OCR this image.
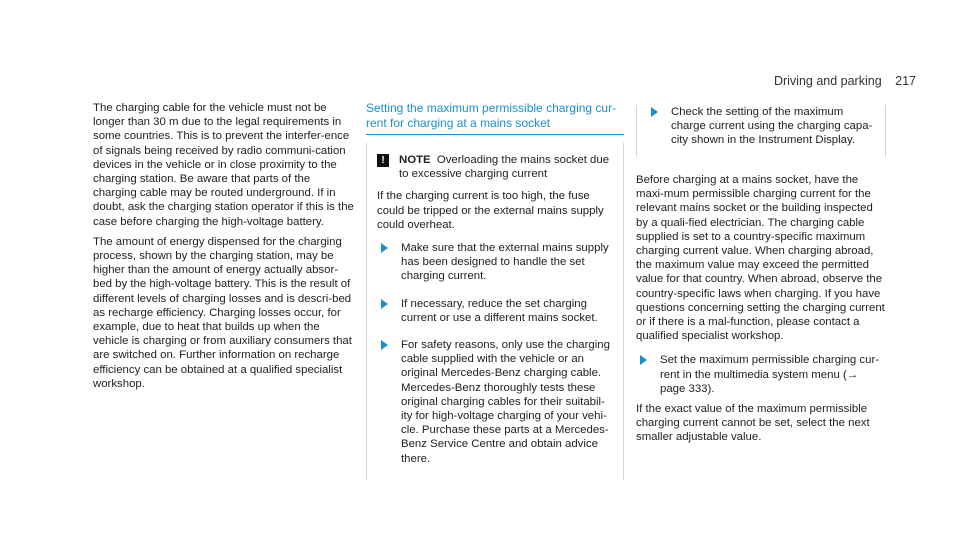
Driving and parking 217

The charging cable for the vehicle must not be longer than 30 m due to the legal requirements in some countries. This is to prevent the interfer-ence of signals being received by radio communi-cation devices in the vehicle or in close proximity to the charging station. Be aware that parts of the charging cable may be routed underground. If in doubt, ask the charging station operator if this is the case before charging the high-voltage battery.

The amount of energy dispensed for the charging process, shown by the charging station, may be higher than the amount of energy actually absor-bed by the high-voltage battery. This is the result of different levels of charging losses and is descri-bed as recharge efficiency. Charging losses occur, for example, due to heat that builds up when the vehicle is charging or from auxiliary consumers that are switched on. Further information on recharge efficiency can be obtained at a qualified specialist workshop.

Setting the maximum permissible charging cur-
rent for charging at a mains socket
!	NOTE Overloading the mains socket due to excessive charging current

If the charging current is too high, the fuse could be tripped or the external mains supply could overheat.

Make sure that the external mains supply has been designed to handle the set charging current.
If necessary, reduce the set charging current or use a different mains socket.
For safety reasons, only use the charging cable supplied with the vehicle or an original Mercedes-Benz charging cable. Mercedes-Benz thoroughly tests these original charging cables for their suitabil-ity for high-voltage charging of your vehi-cle. Purchase these parts at a Mercedes-Benz Service Centre and obtain advice there.
Check the setting of the maximum charge current using the charging capa-city shown in the Instrument Display.

Before charging at a mains socket, have the maxi-mum permissible charging current for the relevant mains socket or the building inspected by a quali-fied electrician. The charging cable supplied is set to a country-specific maximum charging current value. When charging abroad, the maximum value may exceed the permitted value for that country. When abroad, observe the country-specific laws when charging. If you have questions concerning setting the charging current or if there is a mal-function, please contact a qualified specialist workshop.

Set the maximum permissible charging cur-rent in the multimedia system menu (→ page 333).

If the exact value of the maximum permissible charging current cannot be set, select the next smaller adjustable value.
